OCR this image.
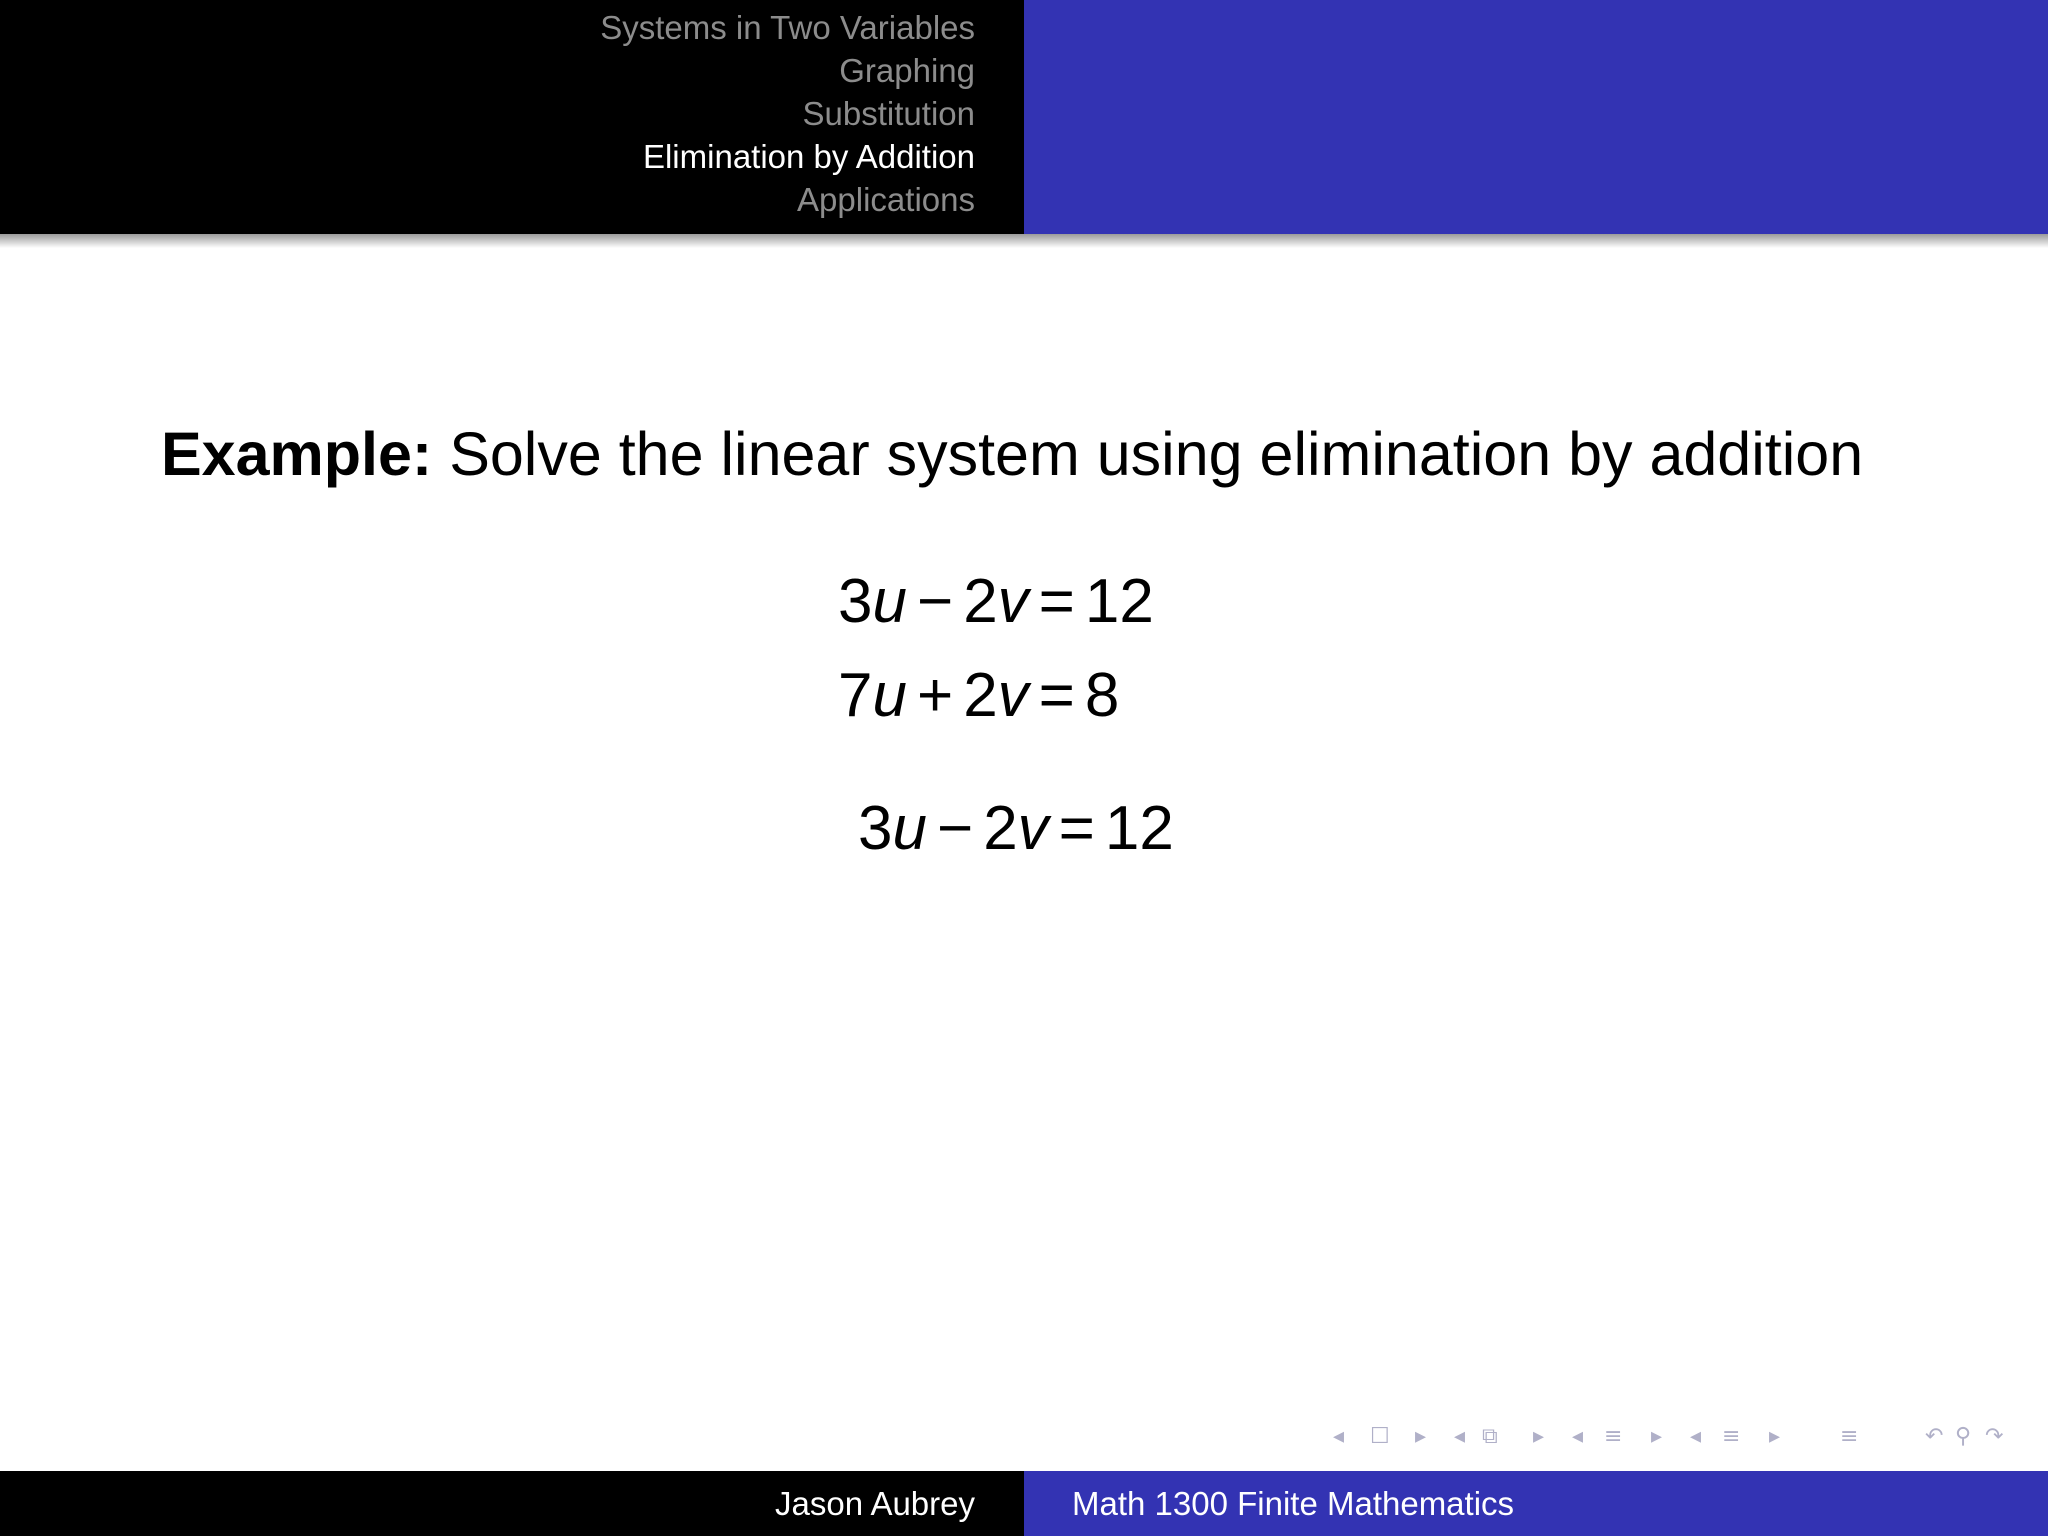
Systems in Two Variables
Graphing
Substitution
Elimination by Addition
Applications
Example: Solve the linear system using elimination by addition
3u − 2v = 12
7u + 2v = 8
3u − 2v = 12
◂ ☐ ▸ ◂ ⧉ ▸ ◂ ≡ ▸ ◂ ≡ ▸	≡	↶ ⚲ ↷
Jason Aubrey	Math 1300 Finite Mathematics
